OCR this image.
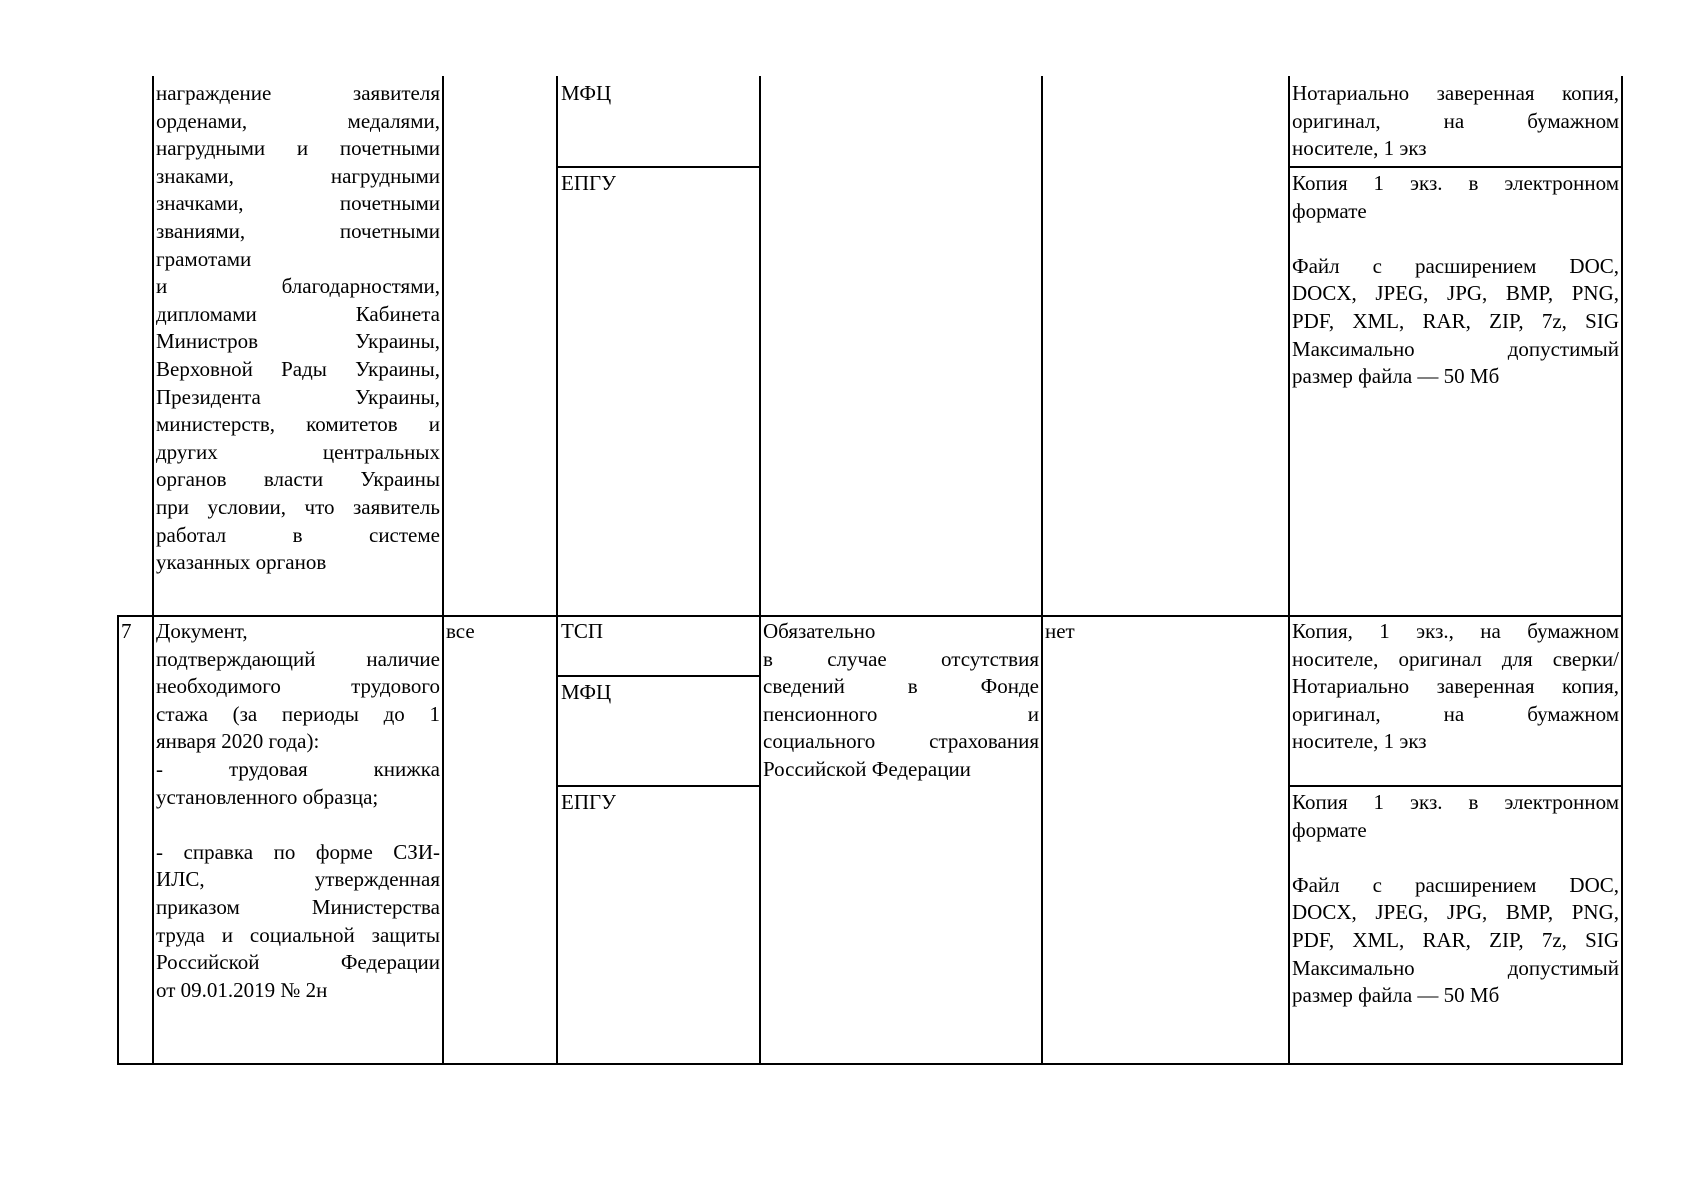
награждение заявителя

орденами, медалями,

нагрудными и почетными

знаками, нагрудными

значками, почетными

званиями, почетными

грамотами

и благодарностями,

дипломами Кабинета

Министров Украины,

Верховной Рады Украины,

Президента Украины,

министерств, комитетов и

других центральных

органов власти Украины

при условии, что заявитель

работал в системе

указанных органов

МФЦ
ЕПГУ

Нотариально заверенная копия,

оригинал, на бумажном

носителе, 1 экз

Копия 1 экз. в электронном

формате

Файл с расширением DOC,

DOCX, JPEG, JPG, BMP, PNG,

PDF, XML, RAR, ZIP, 7z, SIG

Максимально допустимый

размер файла — 50 Мб

7 Документ,

подтверждающий наличие

необходимого трудового

стажа (за периоды до 1

января 2020 года):

- трудовая книжка

установленного образца;

- справка по форме СЗИ-

ИЛС, утвержденная

приказом Министерства

труда и социальной защиты

Российской Федерации

от 09.01.2019 № 2н

все	ТСП
МФЦ
ЕПГУ

Обязательно

в случае отсутствия

сведений в Фонде

пенсионного и

социального страхования

Российской Федерации

нет	Копия, 1 экз., на бумажном

носителе, оригинал для сверки/

Нотариально заверенная копия,

оригинал, на бумажном

носителе, 1 экз

Копия 1 экз. в электронном

формате

Файл с расширением DOC,

DOCX, JPEG, JPG, BMP, PNG,

PDF, XML, RAR, ZIP, 7z, SIG

Максимально допустимый

размер файла — 50 Мб
